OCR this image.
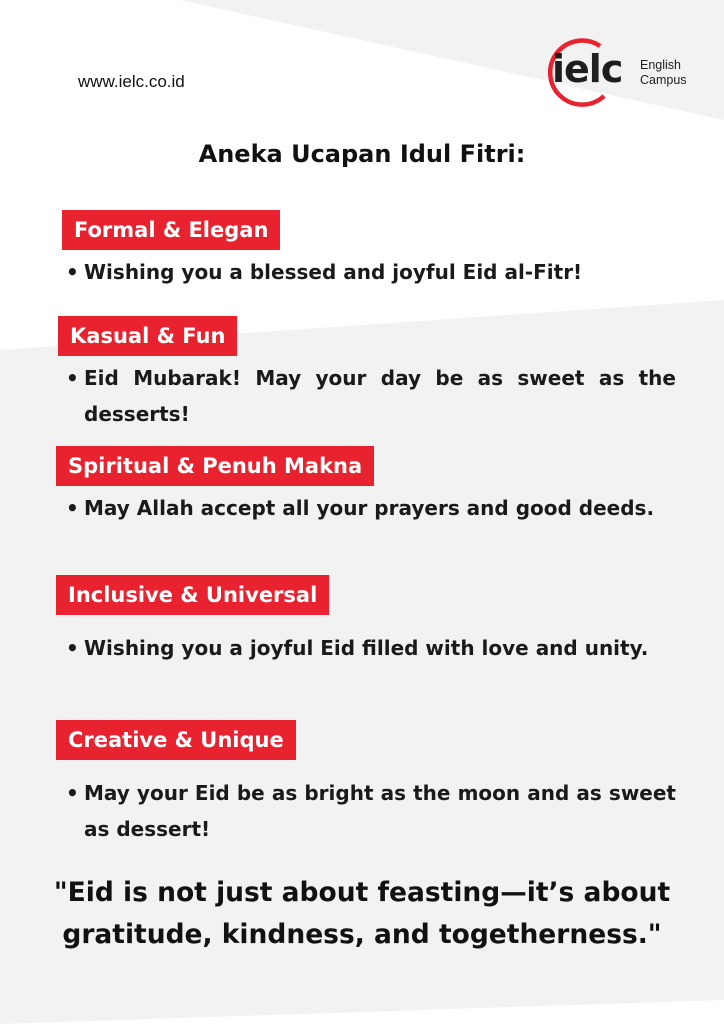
www.ielc.co.id	ielc English
Campus
Aneka Ucapan Idul Fitri:
Formal & Elegan
• Wishing you a blessed and joyful Eid al-Fitr!
Kasual & Fun
• Eid Mubarak! May your day be as sweet as the desserts!
Spiritual & Penuh Makna
• May Allah accept all your prayers and good deeds.
Inclusive & Universal
• Wishing you a joyful Eid filled with love and unity.
Creative & Unique
• May your Eid be as bright as the moon and as sweet as dessert!
"Eid is not just about feasting—it’s about gratitude, kindness, and togetherness."
